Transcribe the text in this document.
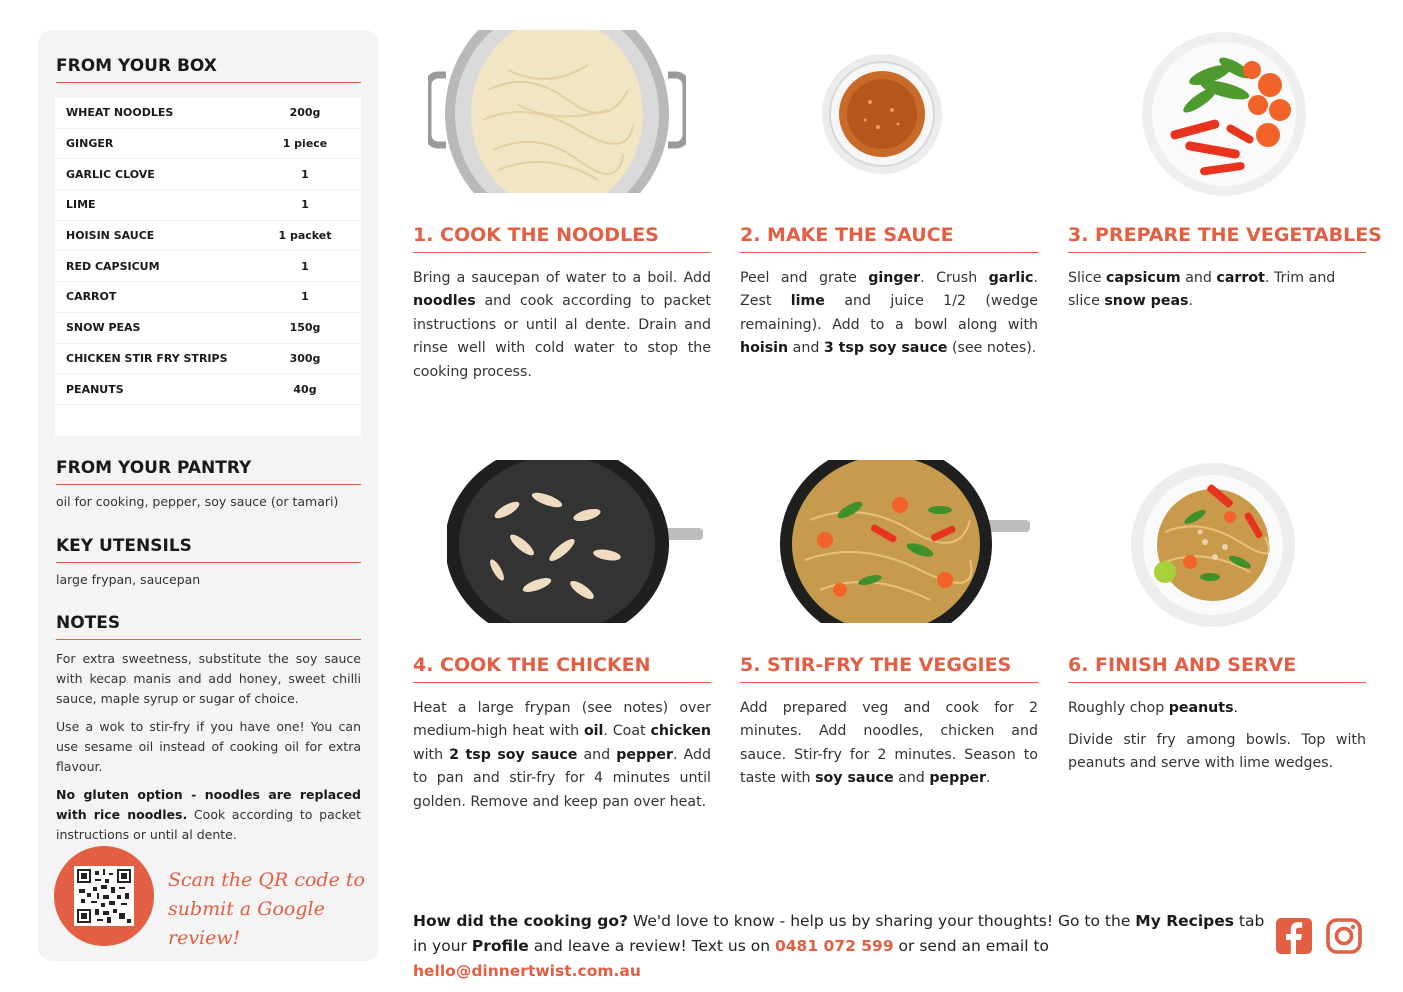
FROM YOUR BOX
WHEAT NOODLES	200g
GINGER	1 piece
GARLIC CLOVE	1
LIME	1
HOISIN SAUCE	1 packet
RED CAPSICUM	1
CARROT	1
SNOW PEAS	150g
CHICKEN STIR FRY STRIPS	300g
PEANUTS	40g
FROM YOUR PANTRY
oil for cooking, pepper, soy sauce (or tamari)
KEY UTENSILS
large frypan, saucepan
NOTES

For extra sweetness, substitute the soy sauce with kecap manis and add honey, sweet chilli sauce, maple syrup or sugar of choice.

Use a wok to stir-fry if you have one! You can use sesame oil instead of cooking oil for extra flavour.

No gluten option - noodles are replaced with rice noodles. Cook according to packet instructions or until al dente.

Scan the QR code to
submit a Google review!
1. COOK THE NOODLES
Bring a saucepan of water to a boil. Add noodles and cook according to packet instructions or until al dente. Drain and rinse well with cold water to stop the cooking process.
2. MAKE THE SAUCE
Peel and grate ginger. Crush garlic. Zest lime and juice 1/2 (wedge remaining). Add to a bowl along with hoisin and 3 tsp soy sauce (see notes).
3. PREPARE THE VEGETABLES
Slice capsicum and carrot. Trim and slice snow peas.
4. COOK THE CHICKEN
Heat a large frypan (see notes) over medium-high heat with oil. Coat chicken with 2 tsp soy sauce and pepper. Add to pan and stir-fry for 4 minutes until golden. Remove and keep pan over heat.
5. STIR-FRY THE VEGGIES
Add prepared veg and cook for 2 minutes. Add noodles, chicken and sauce. Stir-fry for 2 minutes. Season to taste with soy sauce and pepper.
6. FINISH AND SERVE
Roughly chop peanuts.
Divide stir fry among bowls. Top with peanuts and serve with lime wedges.
How did the cooking go? We'd love to know - help us by sharing your thoughts! Go to the My Recipes tab in your Profile and leave a review! Text us on 0481 072 599 or send an email to hello@dinnertwist.com.au
